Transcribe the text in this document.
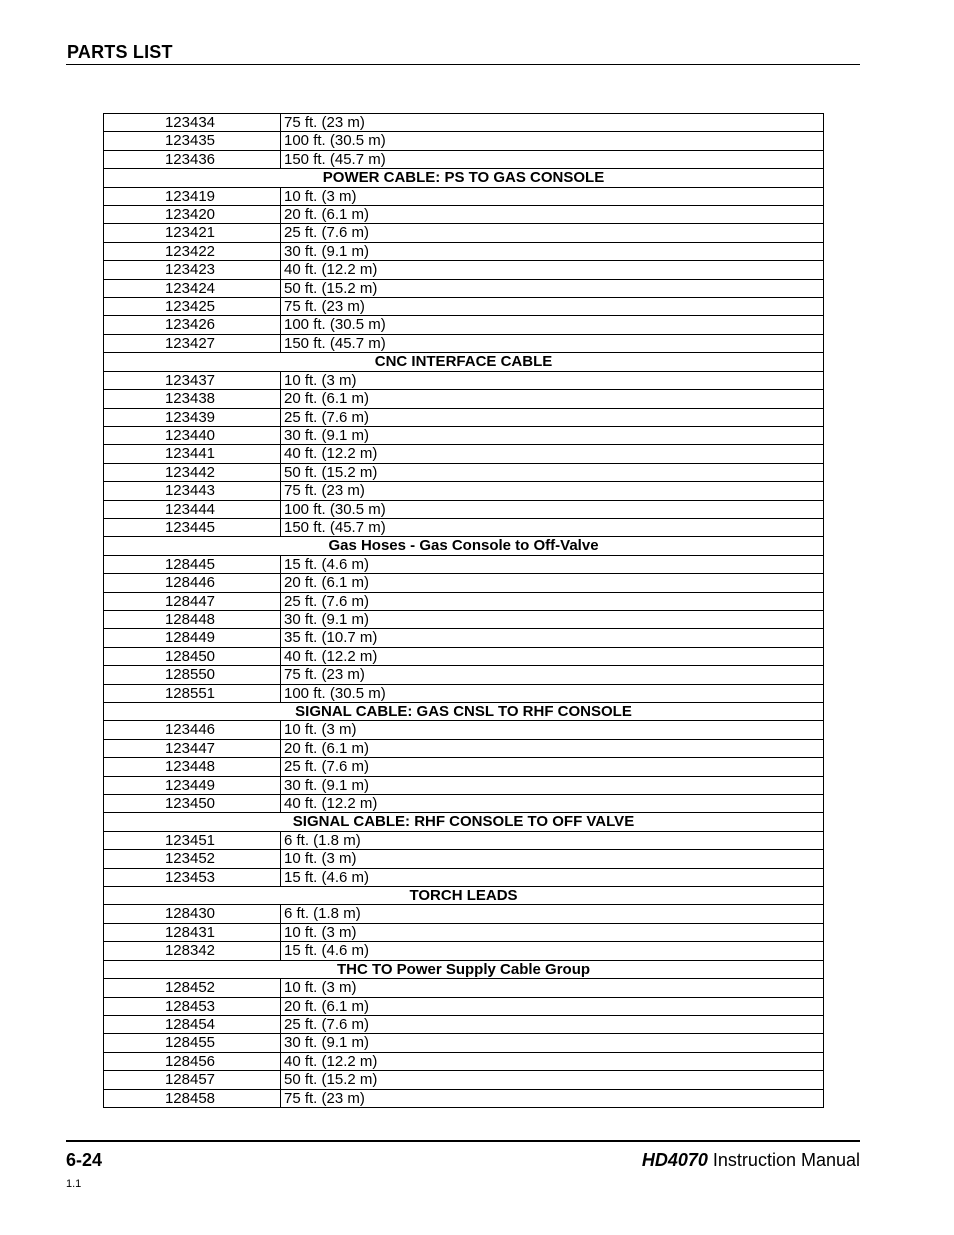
PARTS LIST
123434	75 ft. (23 m)
123435	100 ft. (30.5 m)
123436	150 ft. (45.7 m)
POWER CABLE: PS TO GAS CONSOLE	
123419	10 ft. (3 m)
123420	20 ft. (6.1 m)
123421	25 ft. (7.6 m)
123422	30 ft. (9.1 m)
123423	40 ft. (12.2 m)
123424	50 ft. (15.2 m)
123425	75 ft. (23 m)
123426	100 ft. (30.5 m)
123427	150 ft. (45.7 m)
CNC INTERFACE CABLE	
123437	10 ft. (3 m)
123438	20 ft. (6.1 m)
123439	25 ft. (7.6 m)
123440	30 ft. (9.1 m)
123441	40 ft. (12.2 m)
123442	50 ft. (15.2 m)
123443	75 ft. (23 m)
123444	100 ft. (30.5 m)
123445	150 ft. (45.7 m)
Gas Hoses - Gas Console to Off-Valve	
128445	15 ft. (4.6 m)
128446	20 ft. (6.1 m)
128447	25 ft. (7.6 m)
128448	30 ft. (9.1 m)
128449	35 ft. (10.7 m)
128450	40 ft. (12.2 m)
128550	75 ft. (23 m)
128551	100 ft. (30.5 m)
SIGNAL CABLE: GAS CNSL TO RHF CONSOLE	
123446	10 ft. (3 m)
123447	20 ft. (6.1 m)
123448	25 ft. (7.6 m)
123449	30 ft. (9.1 m)
123450	40 ft. (12.2 m)
SIGNAL CABLE: RHF CONSOLE TO OFF VALVE	
123451	6 ft. (1.8 m)
123452	10 ft. (3 m)
123453	15 ft. (4.6 m)
TORCH LEADS	
128430	6 ft. (1.8 m)
128431	10 ft. (3 m)
128342	15 ft. (4.6 m)
THC TO Power Supply Cable Group	
128452	10 ft. (3 m)
128453	20 ft. (6.1 m)
128454	25 ft. (7.6 m)
128455	30 ft. (9.1 m)
128456	40 ft. (12.2 m)
128457	50 ft. (15.2 m)
128458	75 ft. (23 m)
6-24
1.1
HD4070 Instruction Manual
